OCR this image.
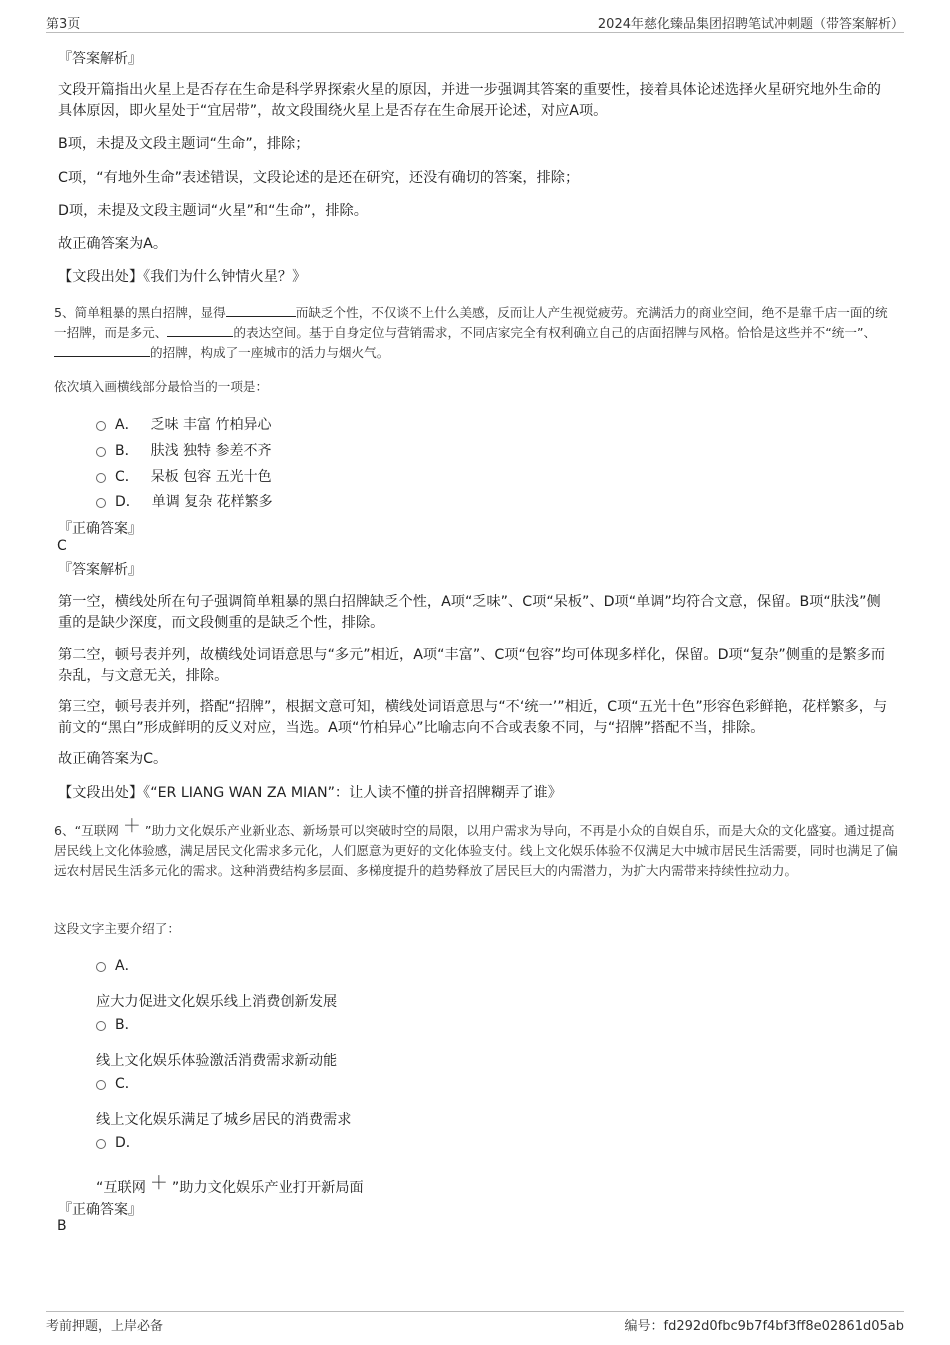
第3页	2024年慈化臻品集团招聘笔试冲刺题（带答案解析）
『答案解析』
文段开篇指出火星上是否存在生命是科学界探索火星的原因，并进一步强调其答案的重要性，接着具体论述选择火星研究地外生命的具体原因，即火星处于“宜居带”，故文段围绕火星上是否存在生命展开论述，对应A项。
B项，未提及文段主题词“生命”，排除；
C项，“有地外生命”表述错误，文段论述的是还在研究，还没有确切的答案，排除；
D项，未提及文段主题词“火星”和“生命”，排除。
故正确答案为A。
【文段出处】《我们为什么钟情火星？》
5、简单粗暴的黑白招牌，显得	而缺乏个性，不仅谈不上什么美感，反而让人产生视觉疲劳。充满活力的商业空间，绝不是靠千店一面的统一招牌，而是多元、	的表达空间。基于自身定位与营销需求，不同店家完全有权利确立自己的店面招牌与风格。恰恰是这些并不“统一”、的招牌，构成了一座城市的活力与烟火气。
依次填入画横线部分最恰当的一项是：
A． 乏味 丰富 竹柏异心
B． 肤浅 独特 参差不齐
C． 呆板 包容 五光十色
D． 单调 复杂 花样繁多
『正确答案』
C
『答案解析』
第一空，横线处所在句子强调简单粗暴的黑白招牌缺乏个性，A项“乏味”、C项“呆板”、D项“单调”均符合文意，保留。B项“肤浅”侧重的是缺少深度，而文段侧重的是缺乏个性，排除。
第二空，顿号表并列，故横线处词语意思与“多元”相近，A项“丰富”、C项“包容”均可体现多样化，保留。D项“复杂”侧重的是繁多而杂乱，与文意无关，排除。
第三空，顿号表并列，搭配“招牌”，根据文意可知，横线处词语意思与“不‘统一’”相近，C项“五光十色”形容色彩鲜艳，花样繁多，与前文的“黑白”形成鲜明的反义对应，当选。A项“竹柏异心”比喻志向不合或表象不同，与“招牌”搭配不当，排除。
故正确答案为C。
【文段出处】《“ER LIANG WAN ZA MIAN”：让人读不懂的拼音招牌糊弄了谁》
6、“互联网 ＋ ”助力文化娱乐产业新业态、新场景可以突破时空的局限，以用户需求为导向，不再是小众的自娱自乐，而是大众的文化盛宴。通过提高居民线上文化体验感，满足居民文化需求多元化，人们愿意为更好的文化体验支付。线上文化娱乐体验不仅满足大中城市居民生活需要，同时也满足了偏远农村居民生活多元化的需求。这种消费结构多层面、多梯度提升的趋势释放了居民巨大的内需潜力，为扩大内需带来持续性拉动力。
这段文字主要介绍了：
A．
应大力促进文化娱乐线上消费创新发展
B．
线上文化娱乐体验激活消费需求新动能
C．
线上文化娱乐满足了城乡居民的消费需求
D．
“互联网 ＋ ”助力文化娱乐产业打开新局面
『正确答案』
B
考前押题，上岸必备	编号：fd292d0fbc9b7f4bf3ff8e02861d05ab
